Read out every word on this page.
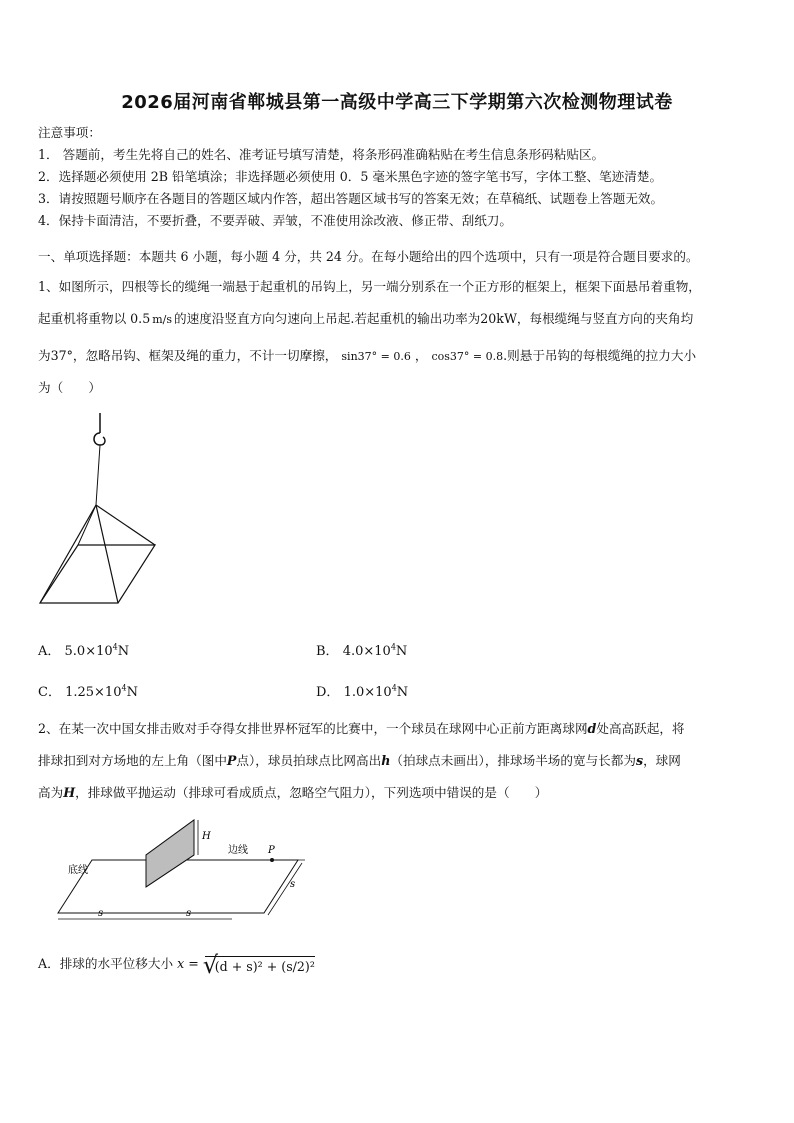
2026届河南省郸城县第一高级中学高三下学期第六次检测物理试卷
注意事项：
1． 答题前，考生先将自己的姓名、准考证号填写清楚，将条形码准确粘贴在考生信息条形码粘贴区。
2．选择题必须使用 2B 铅笔填涂；非选择题必须使用 0．5 毫米黑色字迹的签字笔书写，字体工整、笔迹清楚。
3．请按照题号顺序在各题目的答题区域内作答，超出答题区域书写的答案无效；在草稿纸、试题卷上答题无效。
4．保持卡面清洁，不要折叠，不要弄破、弄皱，不准使用涂改液、修正带、刮纸刀。
一、单项选择题：本题共 6 小题，每小题 4 分，共 24 分。在每小题给出的四个选项中，只有一项是符合题目要求的。
1、如图所示，四根等长的缆绳一端悬于起重机的吊钩上，另一端分别系在一个正方形的框架上，框架下面悬吊着重物，
起重机将重物以 0.5 m/s 的速度沿竖直方向匀速向上吊起.若起重机的输出功率为20kW，每根缆绳与竖直方向的夹角均
为37°，忽略吊钩、框架及绳的重力，不计一切摩擦， sin37° = 0.6 ， cos37° = 0.8.则悬于吊钩的每根缆绳的拉力大小
为（　　）
A． $5.0\times 10^4N$	B． $4.0\times 10^4N$
C． $1.25\times 10^4N$	D． $1.0\times 10^4N$
2、在某一次中国女排击败对手夺得女排世界杯冠军的比赛中，一个球员在球网中心正前方距离球网d处高高跃起，将
排球扣到对方场地的左上角（图中P点），球员拍球点比网高出h（拍球点未画出），排球场半场的宽与长都为s，球网
高为H，排球做平抛运动（排球可看成质点，忽略空气阻力），下列选项中错误的是（　　）
H
边线 P
底线
s	s
s
A．排球的水平位移大小 x = √
(d + s)² + (s/2)²
